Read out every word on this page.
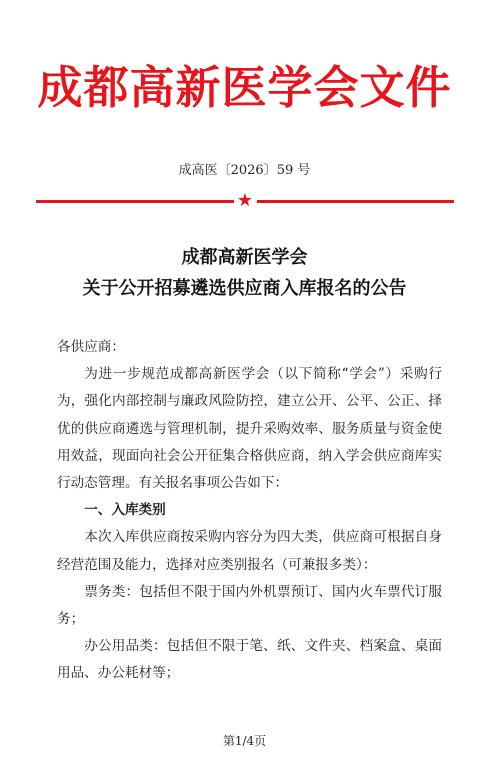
成都高新医学会文件
成高医〔2026〕59 号
★
成都高新医学会
关于公开招募遴选供应商入库报名的公告

各供应商：

为进一步规范成都高新医学会（以下简称“学会”）采购行为，强化内部控制与廉政风险防控，建立公开、公平、公正、择优的供应商遴选与管理机制，提升采购效率、服务质量与资金使用效益，现面向社会公开征集合格供应商，纳入学会供应商库实行动态管理。有关报名事项公告如下：

一、入库类别

本次入库供应商按采购内容分为四大类，供应商可根据自身经营范围及能力，选择对应类别报名（可兼报多类）：

票务类：包括但不限于国内外机票预订、国内火车票代订服务；

办公用品类：包括但不限于笔、纸、文件夹、档案盒、桌面用品、办公耗材等；

第1/4页
